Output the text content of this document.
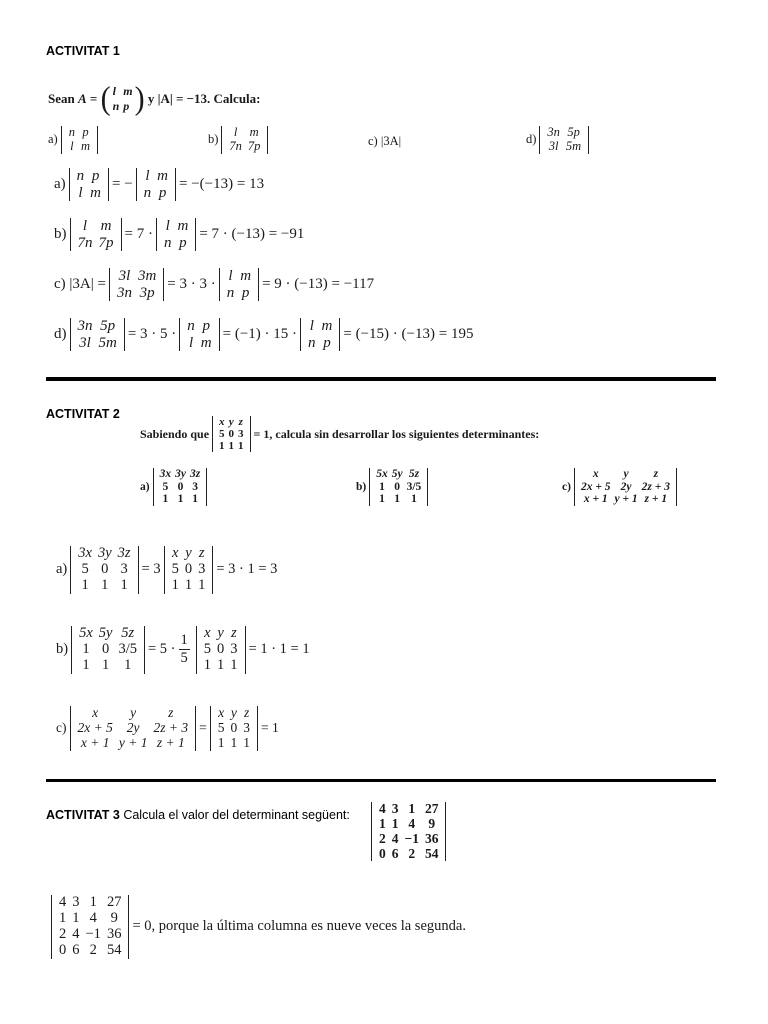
ACTIVITAT 1
Sean
A = ( l	m
n	p )
y
|A| = −13.
Calcula:
a)
n	p
l	m	b)
l	m
7n	7p	c)
|3A|	d)
3n	5p
3l	5m
a) n	p
l	m
= − l	m
n	p
= −(−13) = 13
b) l	m
7n	7p
= 7 · l	m
n	p
= 7 · (−13) = −91
c) |3A| = 3l	3m
3n	3p
= 3 · 3 · l	m
n	p
= 9 · (−13) = −117
d) 3n	5p
3l	5m
= 3 · 5 · n	p
l	m
= (−1) · 15 · l	m
n	p
= (−15) · (−13) = 195
ACTIVITAT 2
Sabiendo que
x	y	z
5	0	3
1	1	1
= 1, calcula sin desarrollar los siguientes determinantes:
a)
3x	3y	3z
5	0	3
1	1	1
b)
5x	5y	5z
1	0	3/5
1	1	1
c)
x	y	z
2x + 5	2y	2z + 3
x + 1	y + 1	z + 1
a)
3x	3y	3z
5	0	3
1	1	1
= 3
x	y	z
5	0	3
1	1	1
= 3 · 1 = 3
b)
5x	5y	5z
1	0	3/5
1	1	1
= $5 \cdot \frac{1}{5}$ x	y	z
5	0	3
1	1	1
= 1 · 1 = 1
c)
x	y	z
2x + 5	2y	2z + 3
x + 1	y + 1	z + 1
=
x	y	z
5	0	3
1	1	1
= 1
ACTIVITAT 3 Calcula el valor del determinant següent: 4	3	1	27
1	1	4	9
2	4	−1	36
0	6	2	54
4	3	1	27
1	1	4	9
2	4	−1	36
0	6	2	54
= 0, porque la última columna es nueve veces la segunda.
